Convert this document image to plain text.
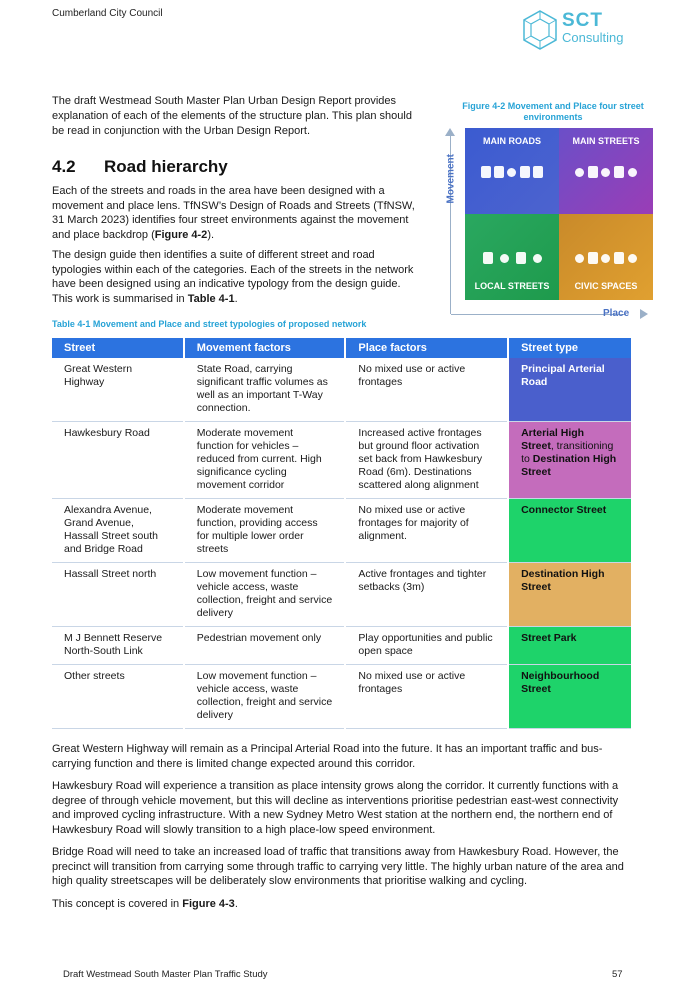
Cumberland City Council	SCT
Consulting

The draft Westmead South Master Plan Urban Design Report provides explanation of each of the elements of the structure plan. This plan should be read in conjunction with the Urban Design Report.

4.2 Road hierarchy

Each of the streets and roads in the area have been designed with a movement and place lens. TfNSW’s Design of Roads and Streets (TfNSW, 31 March 2023) identifies four street environments against the movement and place backdrop (Figure 4-2).

The design guide then identifies a suite of different street and road typologies within each of the categories. Each of the streets in the network have been designed using an indicative typology from the design guide. This work is summarised in Table 4-1.

Figure 4-2 Movement and Place four street environments
Movement
MAIN ROADS	MAIN STREETS
LOCAL STREETS	CIVIC SPACES
Place
Table 4-1 Movement and Place and street typologies of proposed network
Street	Movement factors	Place factors	Street type
Great Western Highway	State Road, carrying significant traffic volumes as well as an important T-Way connection.	No mixed use or active frontages	Principal Arterial Road
Hawkesbury Road	Moderate movement function for vehicles – reduced from current. High significance cycling movement corridor	Increased active frontages but ground floor activation set back from Hawkesbury Road (6m). Destinations scattered along alignment	Arterial High Street, transitioning to Destination High Street
Alexandra Avenue, Grand Avenue, Hassall Street south and Bridge Road	Moderate movement function, providing access for multiple lower order streets	No mixed use or active frontages for majority of alignment.	Connector Street
Hassall Street north	Low movement function – vehicle access, waste collection, freight and service delivery	Active frontages and tighter setbacks (3m)	Destination High Street
M J Bennett Reserve North-South Link	Pedestrian movement only	Play opportunities and public open space	Street Park
Other streets	Low movement function – vehicle access, waste collection, freight and service delivery	No mixed use or active frontages	Neighbourhood Street

Great Western Highway will remain as a Principal Arterial Road into the future. It has an important traffic and bus-carrying function and there is limited change expected around this corridor.

Hawkesbury Road will experience a transition as place intensity grows along the corridor. It currently functions with a degree of through vehicle movement, but this will decline as interventions prioritise pedestrian east-west connectivity and improved cycling infrastructure. With a new Sydney Metro West station at the northern end, the northern end of Hawkesbury Road will slowly transition to a high place-low speed environment.

Bridge Road will need to take an increased load of traffic that transitions away from Hawkesbury Road. However, the precinct will transition from carrying some through traffic to carrying very little. The highly urban nature of the area and high quality streetscapes will be deliberately slow environments that prioritise walking and cycling.

This concept is covered in Figure 4-3.

Draft Westmead South Master Plan Traffic Study	57
